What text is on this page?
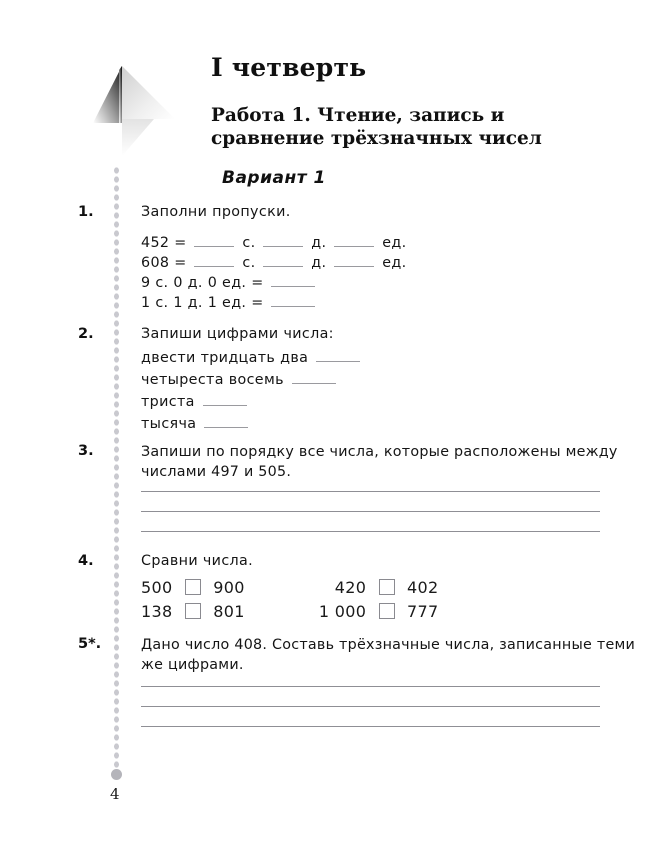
I четверть
Работа 1. Чтение, запись и сравнение трёхзначных чисел
Вариант 1
1.	Заполни пропуски.
452 =	с.	д.	ед.
608 =	с.	д.	ед.
9 с. 0 д. 0 ед. =
1 с. 1 д. 1 ед. =
2.	Запиши цифрами числа:
двести тридцать два
четыреста восемь
триста
тысяча
3.	Запиши по порядку все числа, которые расположены между числами 497 и 505.
4.	Сравни числа.
500	900	420	402
138	801	1 000	777
5*.	Дано число 408. Составь трёхзначные числа, записанные теми же цифрами.
4
